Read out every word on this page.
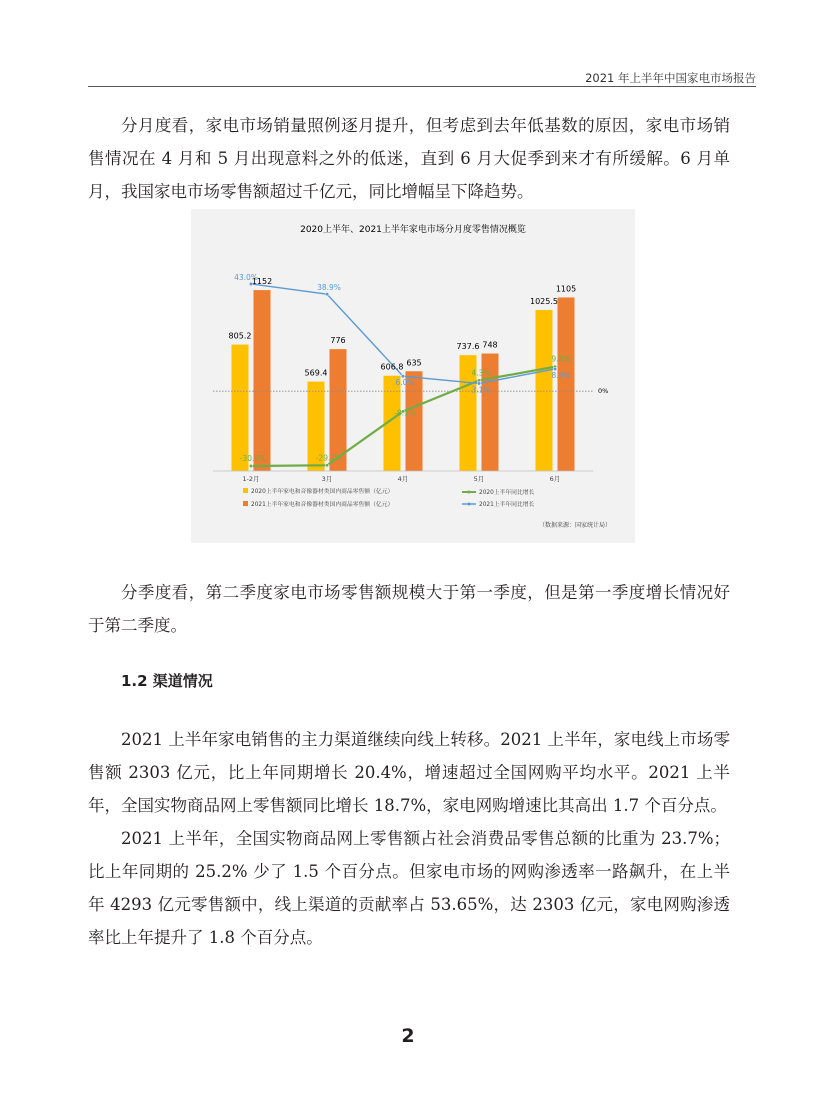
2021 年上半年中国家电市场报告

分月度看，家电市场销量照例逐月提升，但考虑到去年低基数的原因，家电市场销售情况在 4 月和 5 月出现意料之外的低迷，直到 6 月大促季到来才有所缓解。6 月单月，我国家电市场零售额超过千亿元，同比增幅呈下降趋势。

2020上半年、2021上半年家电市场分月度零售情况概览
0%
805.2
1152
569.4
776
606.8 635
737.6 748
1025.5
1105
-30.0%	-29.7%
-8.1%
4.3%
9.8%
43.0%
38.9%
6.0%
3.1%
8.9%
1-2月	3月	4月	5月	6月
2020上半年家电和音像器材类国内商品零售额（亿元）
2021上半年家电和音像器材类国内商品零售额（亿元）
2020上半年同比增长
2021上半年同比增长
（数据来源：国家统计局）

分季度看，第二季度家电市场零售额规模大于第一季度，但是第一季度增长情况好于第二季度。

1.2 渠道情况

2021 上半年家电销售的主力渠道继续向线上转移。2021 上半年，家电线上市场零售额 2303 亿元，比上年同期增长 20.4%，增速超过全国网购平均水平。2021 上半年，全国实物商品网上零售额同比增长 18.7%，家电网购增速比其高出 1.7 个百分点。

2021 上半年，全国实物商品网上零售额占社会消费品零售总额的比重为 23.7%；比上年同期的 25.2% 少了 1.5 个百分点。但家电市场的网购渗透率一路飙升，在上半年 4293 亿元零售额中，线上渠道的贡献率占 53.65%，达 2303 亿元，家电网购渗透率比上年提升了 1.8 个百分点。

2
